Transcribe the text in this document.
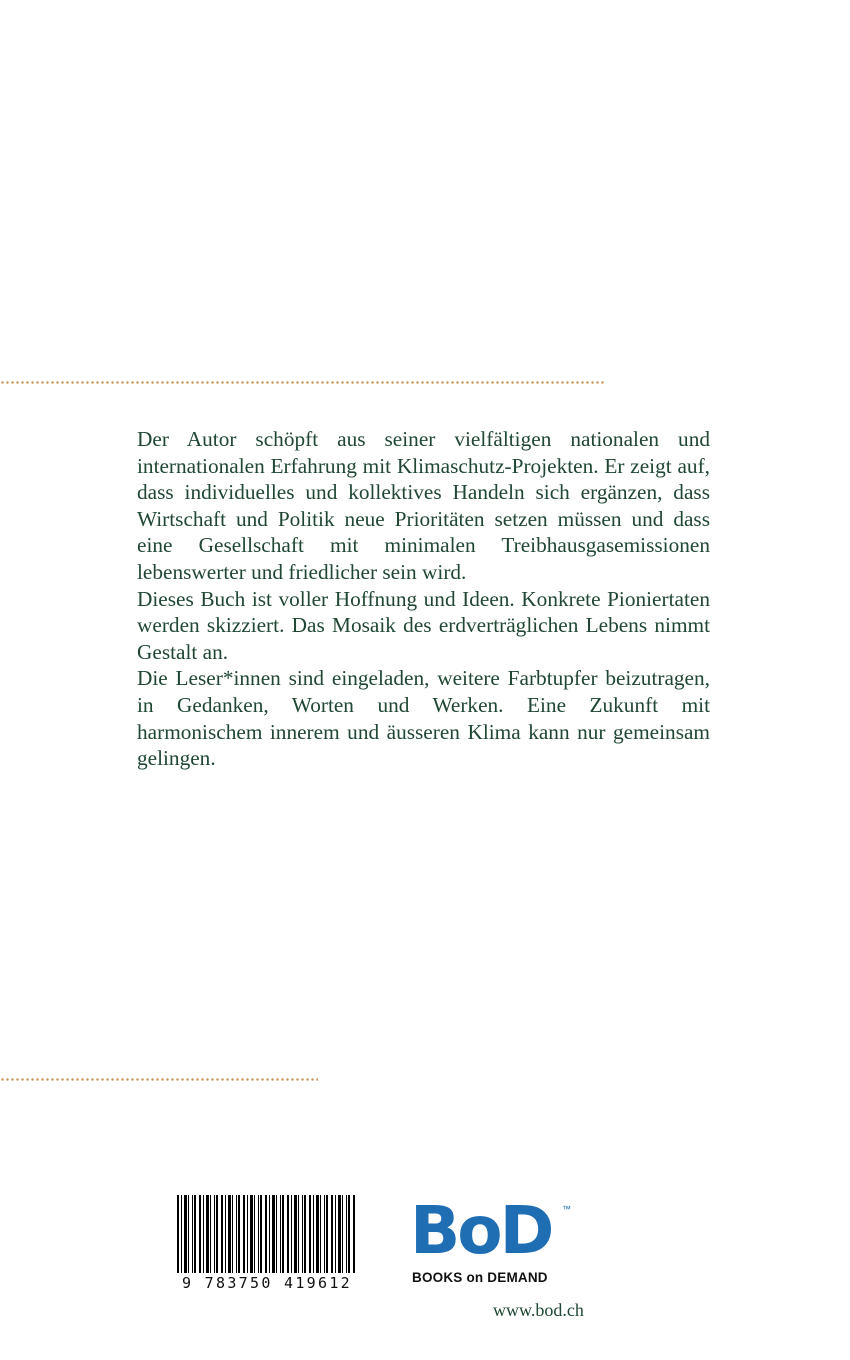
Der Autor schöpft aus seiner vielfältigen nationalen und internationalen Erfahrung mit Klimaschutz-Projekten. Er zeigt auf, dass individuelles und kollektives Handeln sich ergänzen, dass Wirtschaft und Politik neue Prioritäten setzen müssen und dass eine Gesellschaft mit minimalen Treibhausgasemissionen lebenswerter und friedlicher sein wird.

Dieses Buch ist voller Hoffnung und Ideen. Konkrete Pioniertaten werden skizziert. Das Mosaik des erdverträglichen Lebens nimmt Gestalt an.

Die Leser*innen sind eingeladen, weitere Farbtupfer beizutragen, in Gedanken, Worten und Werken. Eine Zukunft mit harmonischem innerem und äusseren Klima kann nur gemeinsam gelingen.

9 783750 419612
BoD ™
BOOKS on DEMAND
www.bod.ch
